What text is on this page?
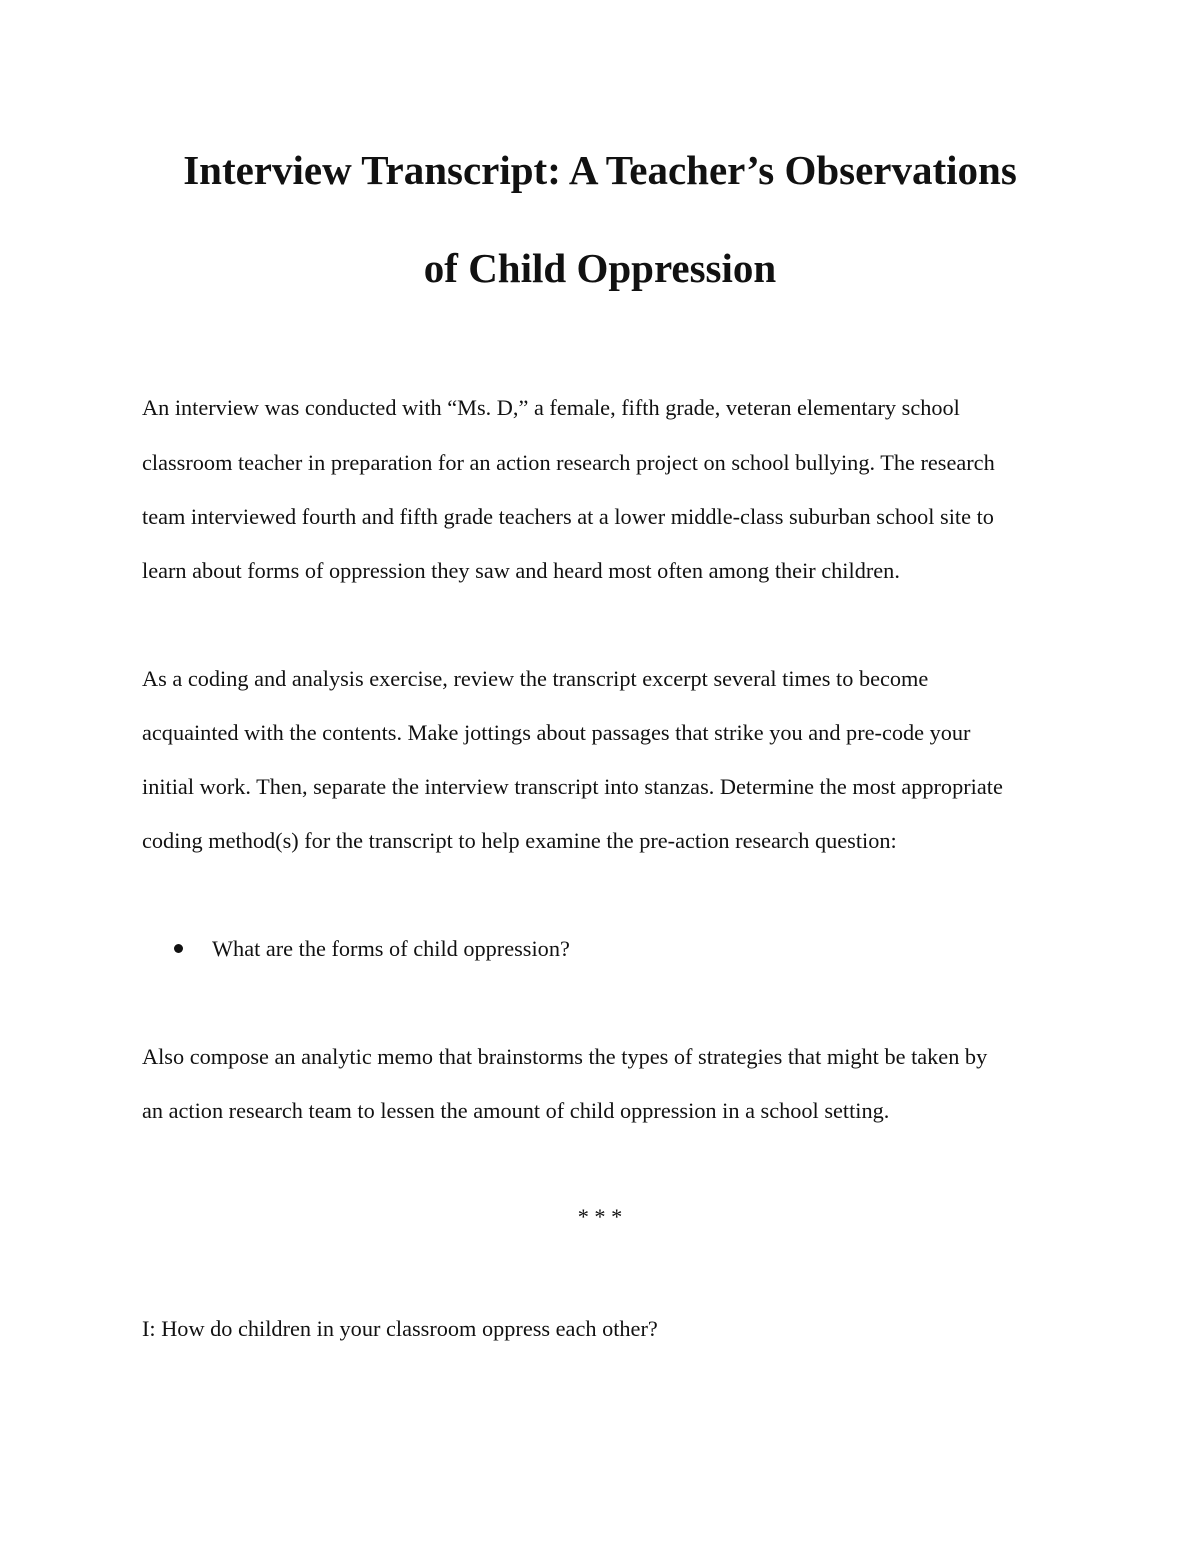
Interview Transcript: A Teacher’s Observations
of Child Oppression

An interview was conducted with “Ms. D,” a female, fifth grade, veteran elementary school

classroom teacher in preparation for an action research project on school bullying. The research

team interviewed fourth and fifth grade teachers at a lower middle-class suburban school site to

learn about forms of oppression they saw and heard most often among their children.

As a coding and analysis exercise, review the transcript excerpt several times to become

acquainted with the contents. Make jottings about passages that strike you and pre-code your

initial work. Then, separate the interview transcript into stanzas. Determine the most appropriate

coding method(s) for the transcript to help examine the pre-action research question:

What are the forms of child oppression?

Also compose an analytic memo that brainstorms the types of strategies that might be taken by

an action research team to lessen the amount of child oppression in a school setting.

* * *

I: How do children in your classroom oppress each other?
